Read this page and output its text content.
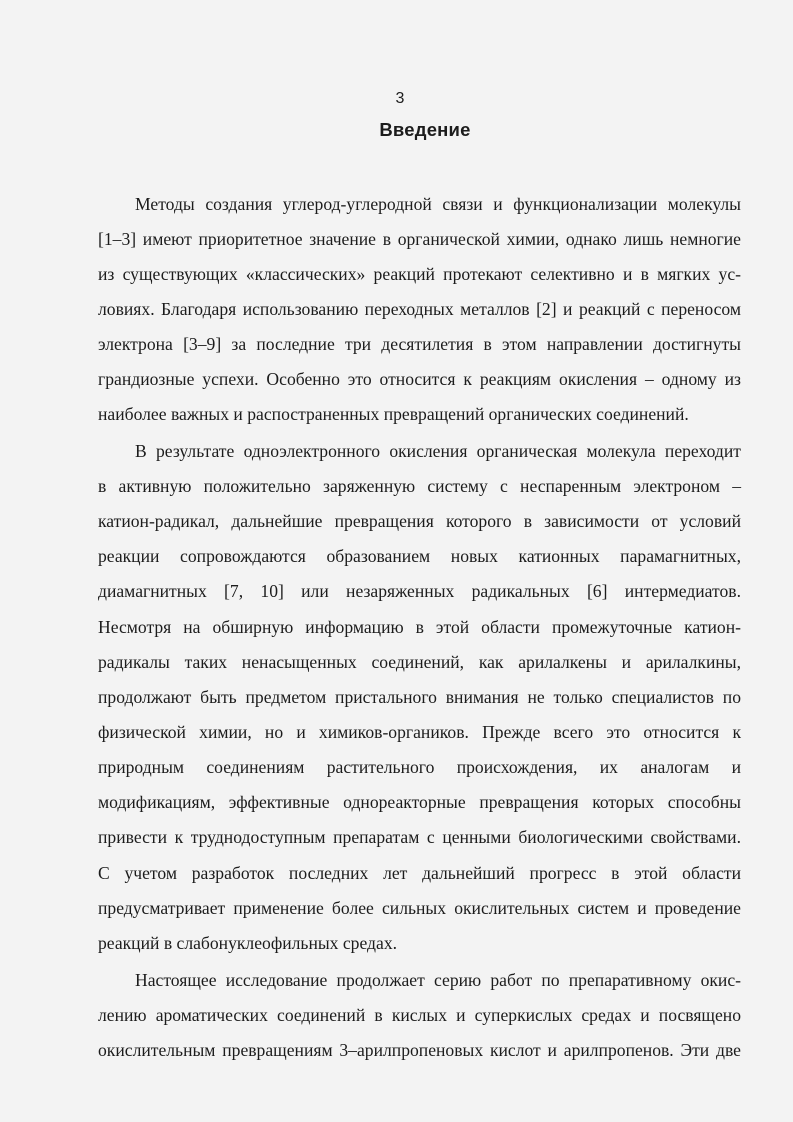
3
Введение
Методы создания углерод-углеродной связи и функционализации молекулы
[1–3] имеют приоритетное значение в органической химии, однако лишь немногие
из существующих «классических» реакций протекают селективно и в мягких ус-
ловиях. Благодаря использованию переходных металлов [2] и реакций с переносом
электрона [3–9] за последние три десятилетия в этом направлении достигнуты
грандиозные успехи. Особенно это относится к реакциям окисления – одному из
наиболее важных и распостраненных превращений органических соединений.
В результате одноэлектронного окисления органическая молекула переходит
в активную положительно заряженную систему с неспаренным электроном –
катион-радикал, дальнейшие превращения которого в зависимости от условий
реакции сопровождаются образованием новых катионных парамагнитных,
диамагнитных [7, 10] или незаряженных радикальных [6] интермедиатов.
Несмотря на обширную информацию в этой области промежуточные катион-
радикалы таких ненасыщенных соединений, как арилалкены и арилалкины,
продолжают быть предметом пристального внимания не только специалистов по
физической химии, но и химиков-органиков. Прежде всего это относится к
природным соединениям растительного происхождения, их аналогам и
модификациям, эффективные однореакторные превращения которых способны
привести к труднодоступным препаратам с ценными биологическими свойствами.
С учетом разработок последних лет дальнейший прогресс в этой области
предусматривает применение более сильных окислительных систем и проведение
реакций в слабонуклеофильных средах.
Настоящее исследование продолжает серию работ по препаративному окис-
лению ароматических соединений в кислых и суперкислых средах и посвящено
окислительным превращениям 3–арилпропеновых кислот и арилпропенов. Эти две
